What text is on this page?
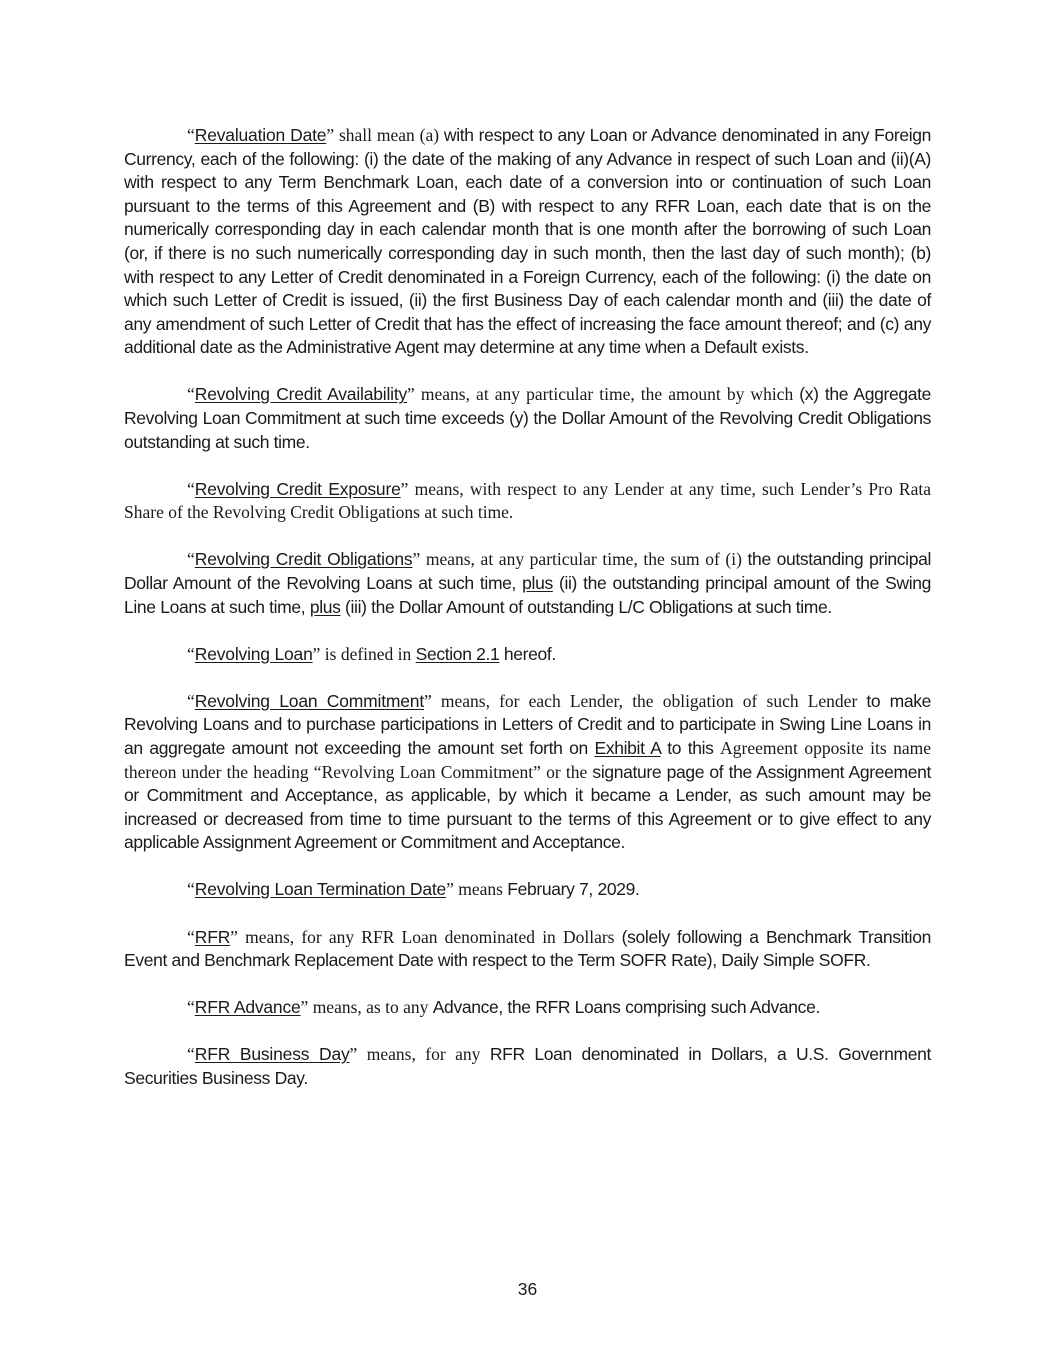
“Revaluation Date” shall mean (a) with respect to any Loan or Advance denominated in any Foreign Currency, each of the following: (i) the date of the making of any Advance in respect of such Loan and (ii)(A) with respect to any Term Benchmark Loan, each date of a conversion into or continuation of such Loan pursuant to the terms of this Agreement and (B) with respect to any RFR Loan, each date that is on the numerically corresponding day in each calendar month that is one month after the borrowing of such Loan (or, if there is no such numerically corresponding day in such month, then the last day of such month); (b) with respect to any Letter of Credit denominated in a Foreign Currency, each of the following: (i) the date on which such Letter of Credit is issued, (ii) the first Business Day of each calendar month and (iii) the date of any amendment of such Letter of Credit that has the effect of increasing the face amount thereof; and (c) any additional date as the Administrative Agent may determine at any time when a Default exists.

“Revolving Credit Availability” means, at any particular time, the amount by which (x) the Aggregate Revolving Loan Commitment at such time exceeds (y) the Dollar Amount of the Revolving Credit Obligations outstanding at such time.

“Revolving Credit Exposure” means, with respect to any Lender at any time, such Lender’s Pro Rata Share of the Revolving Credit Obligations at such time.

“Revolving Credit Obligations” means, at any particular time, the sum of (i) the outstanding principal Dollar Amount of the Revolving Loans at such time, plus (ii) the outstanding principal amount of the Swing Line Loans at such time, plus (iii) the Dollar Amount of outstanding L/C Obligations at such time.

“Revolving Loan” is defined in Section 2.1 hereof.

“Revolving Loan Commitment” means, for each Lender, the obligation of such Lender to make Revolving Loans and to purchase participations in Letters of Credit and to participate in Swing Line Loans in an aggregate amount not exceeding the amount set forth on Exhibit A to this Agreement opposite its name thereon under the heading “Revolving Loan Commitment” or the signature page of the Assignment Agreement or Commitment and Acceptance, as applicable, by which it became a Lender, as such amount may be increased or decreased from time to time pursuant to the terms of this Agreement or to give effect to any applicable Assignment Agreement or Commitment and Acceptance.

“Revolving Loan Termination Date” means February 7, 2029.

“RFR” means, for any RFR Loan denominated in Dollars (solely following a Benchmark Transition Event and Benchmark Replacement Date with respect to the Term SOFR Rate), Daily Simple SOFR.

“RFR Advance” means, as to any Advance, the RFR Loans comprising such Advance.

“RFR Business Day” means, for any RFR Loan denominated in Dollars, a U.S. Government Securities Business Day.

36
